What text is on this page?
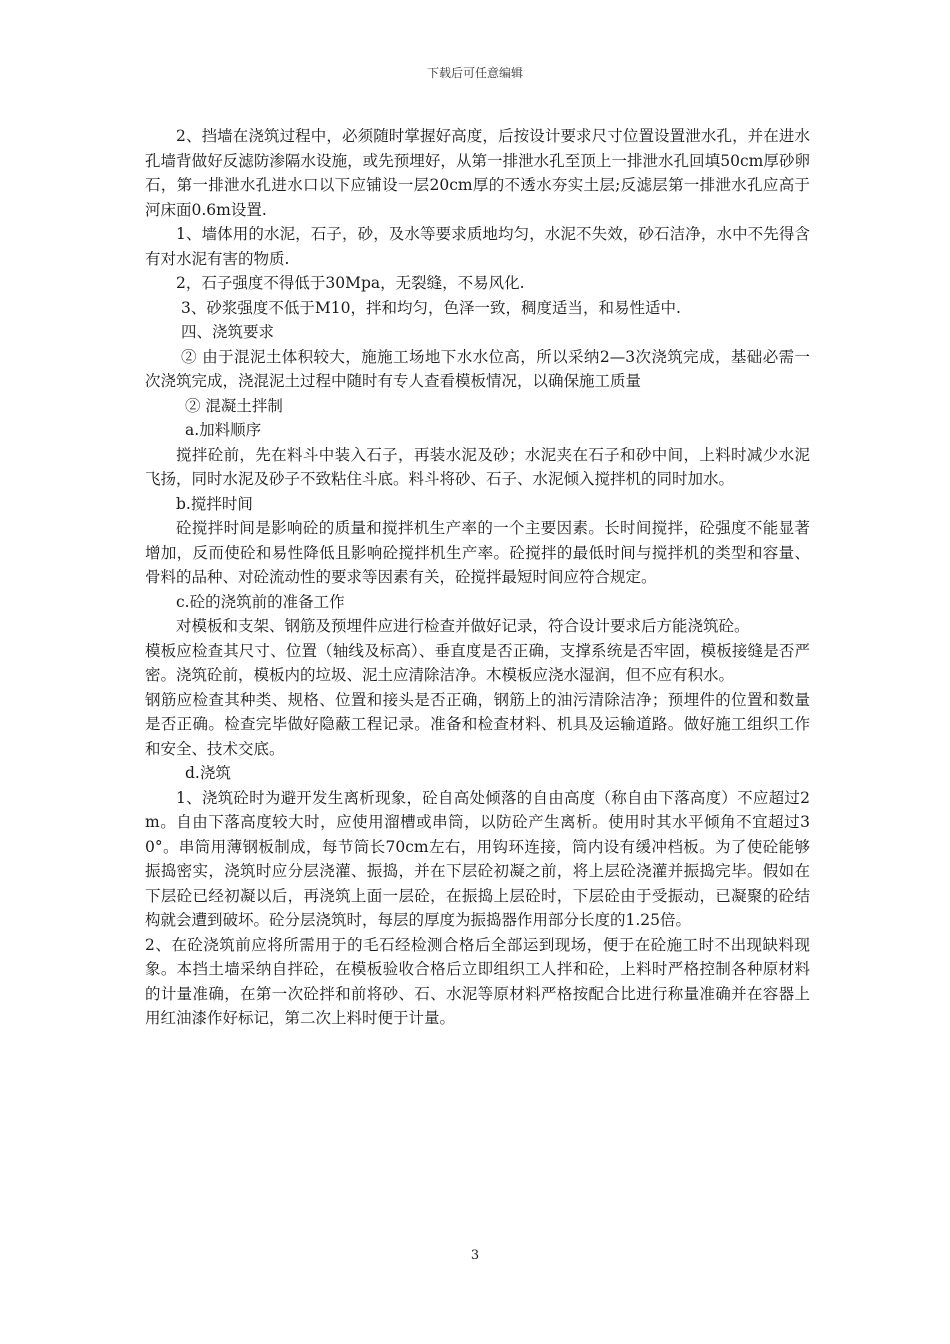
下载后可任意编辑

2、挡墙在浇筑过程中，必须随时掌握好高度，后按设计要求尺寸位置设置泄水孔，并在进水孔墙背做好反滤防渗隔水设施，或先预埋好，从第一排泄水孔至顶上一排泄水孔回填50cm厚砂卵石，第一排泄水孔进水口以下应铺设一层20cm厚的不透水夯实土层;反滤层第一排泄水孔应高于河床面0.6m设置.

1、墙体用的水泥，石子，砂，及水等要求质地均匀，水泥不失效，砂石洁净，水中不先得含有对水泥有害的物质.

2，石子强度不得低于30Mpa，无裂缝，不易风化.

3、砂浆强度不低于M10，拌和均匀，色泽一致，稠度适当，和易性适中.

四、浇筑要求

② 由于混泥土体积较大，施施工场地下水水位高，所以采纳2—3次浇筑完成，基础必需一次浇筑完成，浇混泥土过程中随时有专人查看模板情况，以确保施工质量

② 混凝土拌制

a.加料顺序

搅拌砼前，先在料斗中装入石子，再装水泥及砂；水泥夹在石子和砂中间，上料时减少水泥飞扬，同时水泥及砂子不致粘住斗底。料斗将砂、石子、水泥倾入搅拌机的同时加水。

b.搅拌时间

砼搅拌时间是影响砼的质量和搅拌机生产率的一个主要因素。长时间搅拌，砼强度不能显著增加，反而使砼和易性降低且影响砼搅拌机生产率。砼搅拌的最低时间与搅拌机的类型和容量、骨料的品种、对砼流动性的要求等因素有关，砼搅拌最短时间应符合规定。

c.砼的浇筑前的准备工作

对模板和支架、钢筋及预埋件应进行检查并做好记录，符合设计要求后方能浇筑砼。

模板应检查其尺寸、位置（轴线及标高）、垂直度是否正确，支撑系统是否牢固，模板接缝是否严密。浇筑砼前，模板内的垃圾、泥土应清除洁净。木模板应浇水湿润，但不应有积水。

钢筋应检查其种类、规格、位置和接头是否正确，钢筋上的油污清除洁净；预埋件的位置和数量是否正确。检查完毕做好隐蔽工程记录。准备和检查材料、机具及运输道路。做好施工组织工作和安全、技术交底。

d.浇筑

1、浇筑砼时为避开发生离析现象，砼自高处倾落的自由高度（称自由下落高度）不应超过2m。自由下落高度较大时，应使用溜槽或串筒，以防砼产生离析。使用时其水平倾角不宜超过30°。串筒用薄钢板制成，每节筒长70cm左右，用钩环连接，筒内设有缓冲档板。为了使砼能够振捣密实，浇筑时应分层浇灌、振捣，并在下层砼初凝之前，将上层砼浇灌并振捣完毕。假如在下层砼已经初凝以后，再浇筑上面一层砼，在振捣上层砼时，下层砼由于受振动，已凝聚的砼结构就会遭到破坏。砼分层浇筑时，每层的厚度为振捣器作用部分长度的1.25倍。

2、在砼浇筑前应将所需用于的毛石经检测合格后全部运到现场，便于在砼施工时不出现缺料现象。本挡土墙采纳自拌砼，在模板验收合格后立即组织工人拌和砼，上料时严格控制各种原材料的计量准确，在第一次砼拌和前将砂、石、水泥等原材料严格按配合比进行称量准确并在容器上用红油漆作好标记，第二次上料时便于计量。

3
